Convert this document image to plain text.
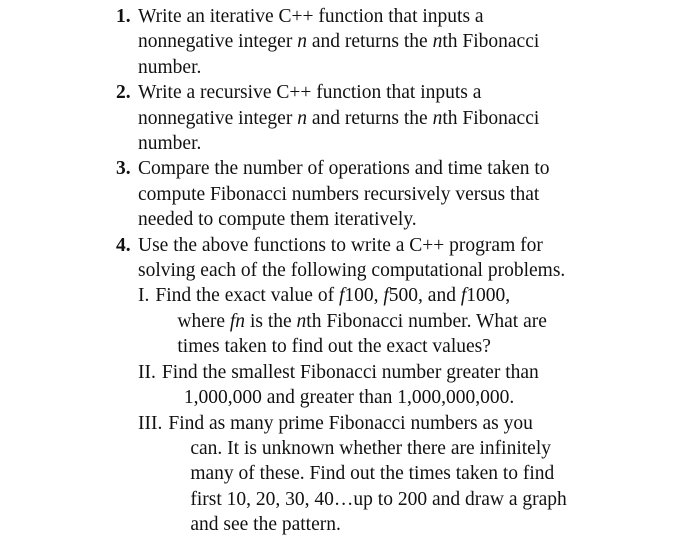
1. Write an iterative C++ function that inputs a
nonnegative integer n and returns the nth Fibonacci
number.
2. Write a recursive C++ function that inputs a
nonnegative integer n and returns the nth Fibonacci
number.
3. Compare the number of operations and time taken to
compute Fibonacci numbers recursively versus that
needed to compute them iteratively.
4. Use the above functions to write a C++ program for
solving each of the following computational problems.
I. Find the exact value of f100, f500, and f1000,
where fn is the nth Fibonacci number. What are
times taken to find out the exact values?
II. Find the smallest Fibonacci number greater than
1,000,000 and greater than 1,000,000,000.
III. Find as many prime Fibonacci numbers as you
can. It is unknown whether there are infinitely
many of these. Find out the times taken to find
first 10, 20, 30, 40…up to 200 and draw a graph
and see the pattern.
